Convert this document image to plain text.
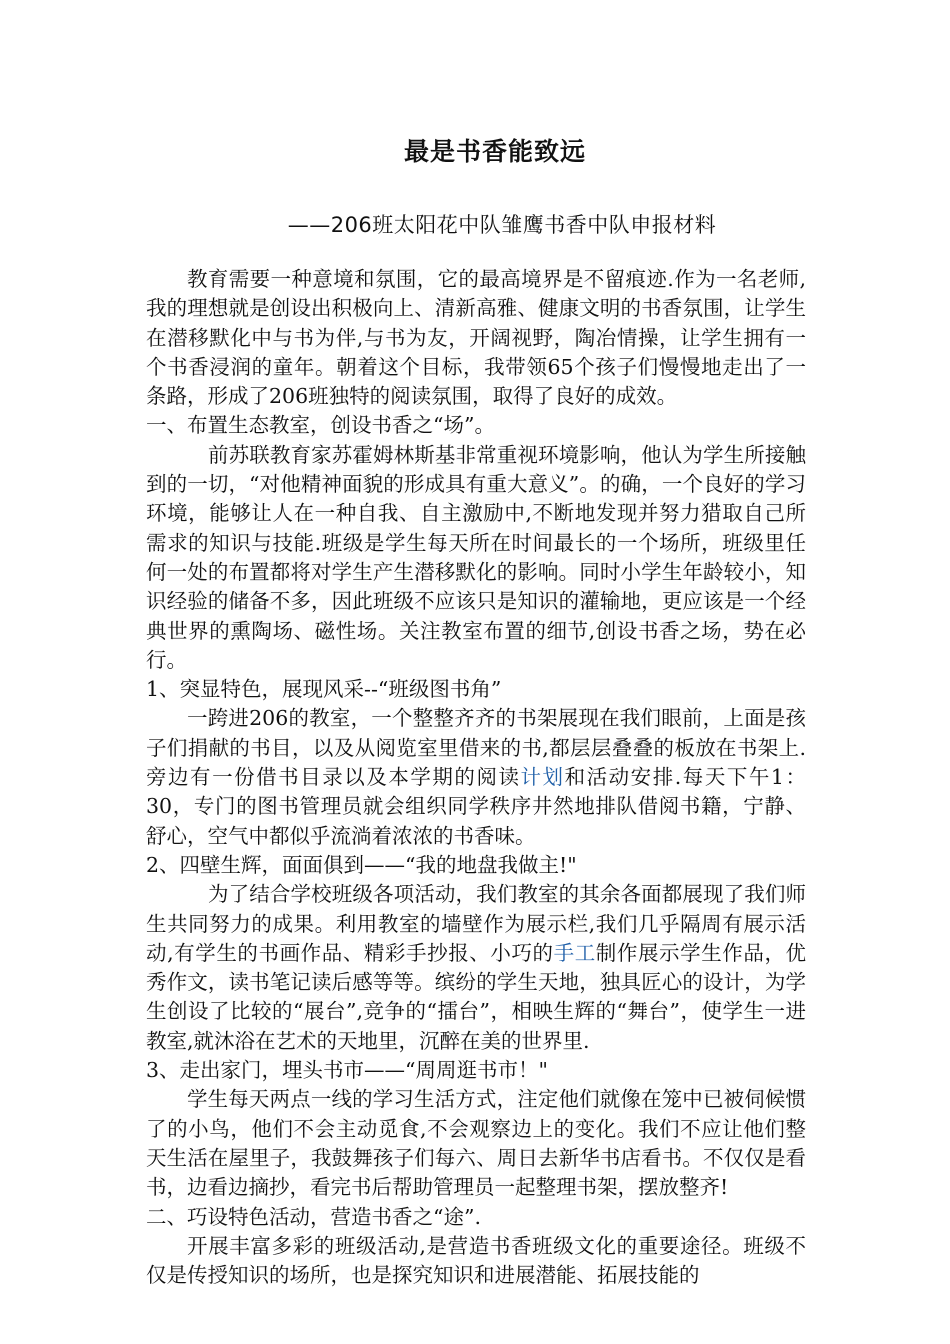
最是书香能致远
——206班太阳花中队雏鹰书香中队申报材料

教育需要一种意境和氛围，它的最高境界是不留痕迹.作为一名老师,我的理想就是创设出积极向上、清新高雅、健康文明的书香氛围，让学生在潜移默化中与书为伴,与书为友，开阔视野，陶冶情操，让学生拥有一个书香浸润的童年。朝着这个目标，我带领65个孩子们慢慢地走出了一条路，形成了206班独特的阅读氛围，取得了良好的成效。

一、布置生态教室，创设书香之“场”。

前苏联教育家苏霍姆林斯基非常重视环境影响，他认为学生所接触到的一切，“对他精神面貌的形成具有重大意义”。的确，一个良好的学习环境，能够让人在一种自我、自主激励中,不断地发现并努力猎取自己所需求的知识与技能.班级是学生每天所在时间最长的一个场所，班级里任何一处的布置都将对学生产生潜移默化的影响。同时小学生年龄较小，知识经验的储备不多，因此班级不应该只是知识的灌输地，更应该是一个经典世界的熏陶场、磁性场。关注教室布置的细节,创设书香之场，势在必行。

1、突显特色，展现风采--“班级图书角”

一跨进206的教室，一个整整齐齐的书架展现在我们眼前，上面是孩子们捐献的书目，以及从阅览室里借来的书,都层层叠叠的板放在书架上.旁边有一份借书目录以及本学期的阅读计划和活动安排.每天下午1：30，专门的图书管理员就会组织同学秩序井然地排队借阅书籍，宁静、舒心，空气中都似乎流淌着浓浓的书香味。

2、四壁生辉，面面俱到——“我的地盘我做主!"

为了结合学校班级各项活动，我们教室的其余各面都展现了我们师生共同努力的成果。利用教室的墙壁作为展示栏,我们几乎隔周有展示活动,有学生的书画作品、精彩手抄报、小巧的手工制作展示学生作品，优秀作文，读书笔记读后感等等。缤纷的学生天地，独具匠心的设计，为学生创设了比较的“展台”,竞争的“擂台”，相映生辉的“舞台”，使学生一进教室,就沐浴在艺术的天地里，沉醉在美的世界里.

3、走出家门，埋头书市——“周周逛书市！"

学生每天两点一线的学习生活方式，注定他们就像在笼中已被伺候惯了的小鸟，他们不会主动觅食,不会观察边上的变化。我们不应让他们整天生活在屋里子，我鼓舞孩子们每六、周日去新华书店看书。不仅仅是看书，边看边摘抄，看完书后帮助管理员一起整理书架，摆放整齐!

二、巧设特色活动，营造书香之“途”.

开展丰富多彩的班级活动,是营造书香班级文化的重要途径。班级不仅是传授知识的场所，也是探究知识和进展潜能、拓展技能的
